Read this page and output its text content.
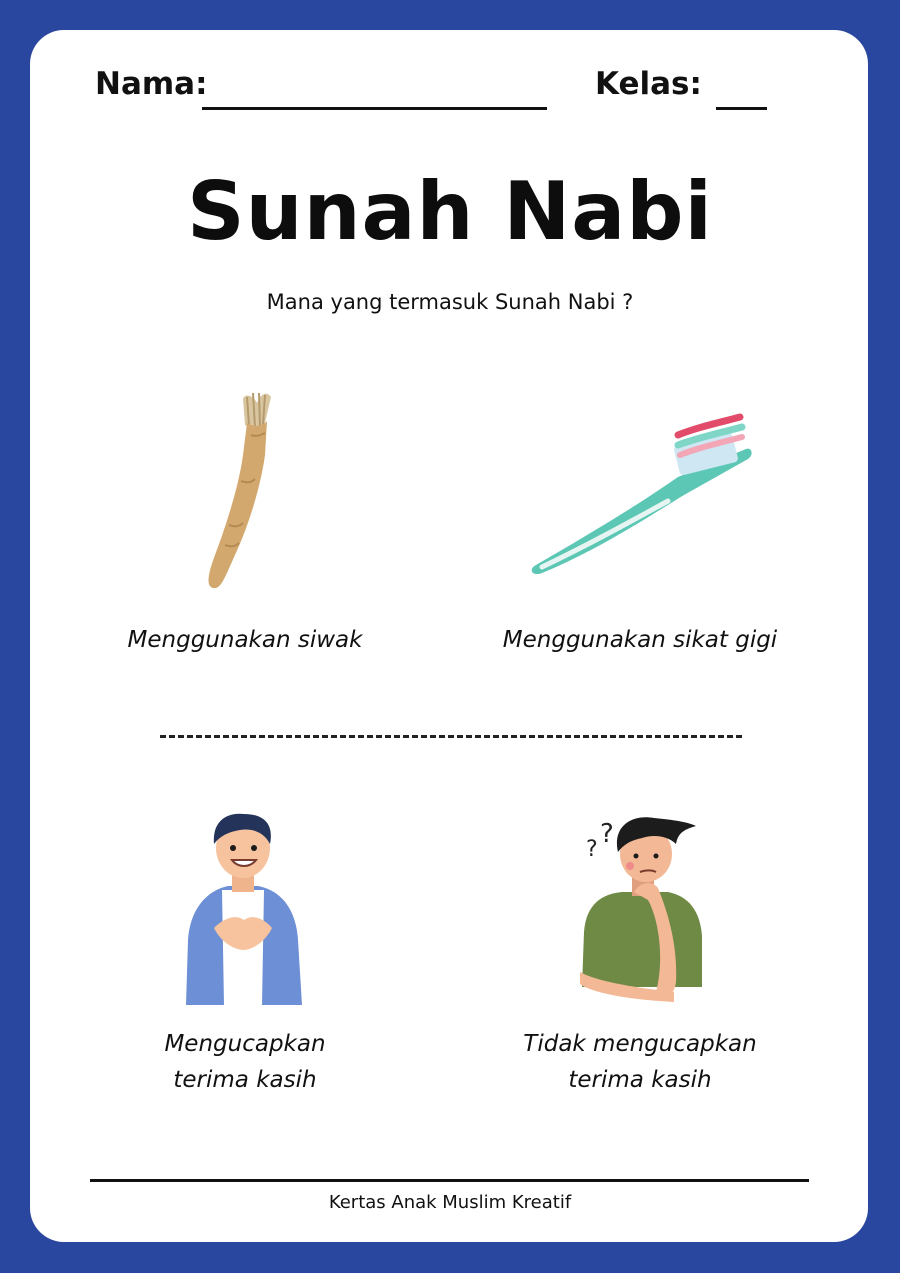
Nama:	Kelas:
Sunah Nabi
Mana yang termasuk Sunah Nabi ?
Menggunakan siwak	Menggunakan sikat gigi
Mengucapkan
terima kasih
?
?
Tidak mengucapkan
terima kasih
Kertas Anak Muslim Kreatif
